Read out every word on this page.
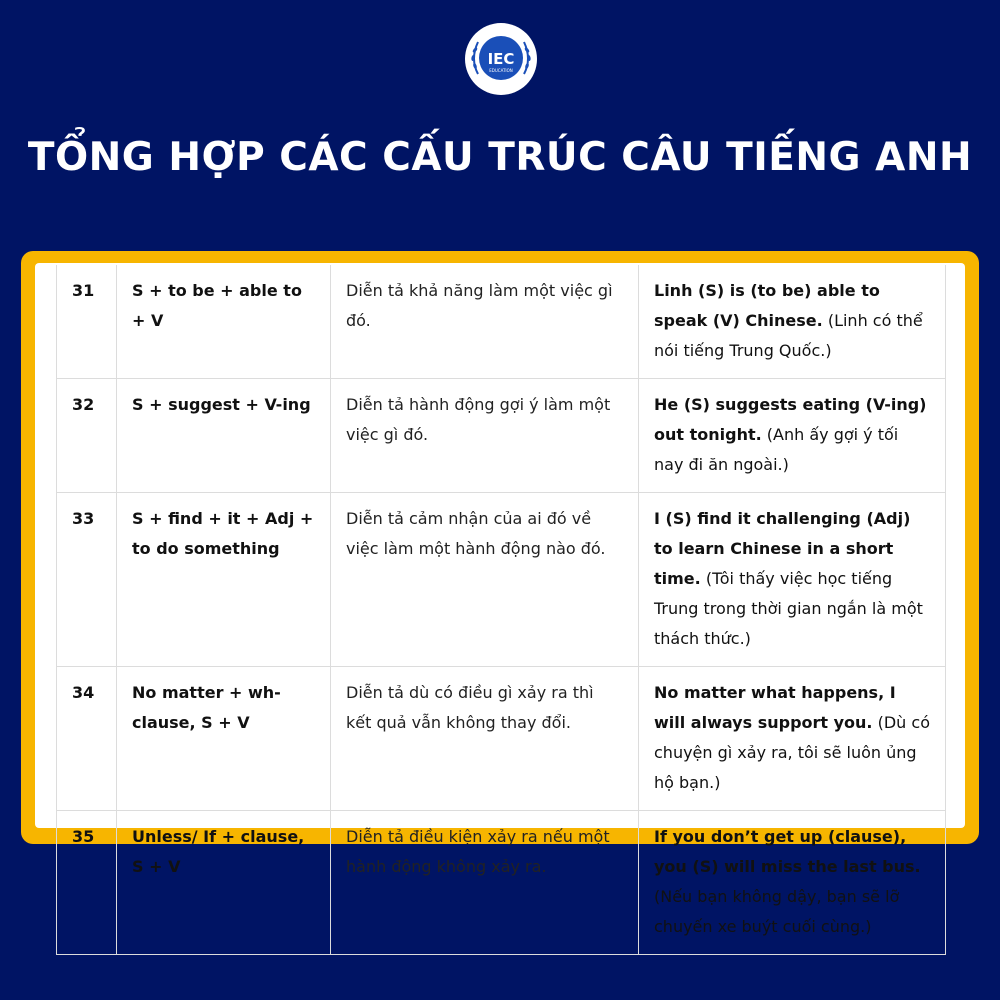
IEC
EDUCATION
TỔNG HỢP CÁC CẤU TRÚC CÂU TIẾNG ANH
31	S + to be + able to + V	Diễn tả khả năng làm một việc gì đó.	Linh (S) is (to be) able to speak (V) Chinese. (Linh có thể nói tiếng Trung Quốc.)
32	S + suggest + V-ing	Diễn tả hành động gợi ý làm một việc gì đó.	He (S) suggests eating (V-ing) out tonight. (Anh ấy gợi ý tối nay đi ăn ngoài.)
33	S + find + it + Adj + to do something	Diễn tả cảm nhận của ai đó về việc làm một hành động nào đó.	I (S) find it challenging (Adj) to learn Chinese in a short time. (Tôi thấy việc học tiếng Trung trong thời gian ngắn là một thách thức.)
34	No matter + wh-clause, S + V	Diễn tả dù có điều gì xảy ra thì kết quả vẫn không thay đổi.	No matter what happens, I will always support you. (Dù có chuyện gì xảy ra, tôi sẽ luôn ủng hộ bạn.)
35	Unless/ If + clause, S + V	Diễn tả điều kiện xảy ra nếu một hành động không xảy ra.	If you don’t get up (clause), you (S) will miss the last bus. (Nếu bạn không dậy, bạn sẽ lỡ chuyến xe buýt cuối cùng.)
